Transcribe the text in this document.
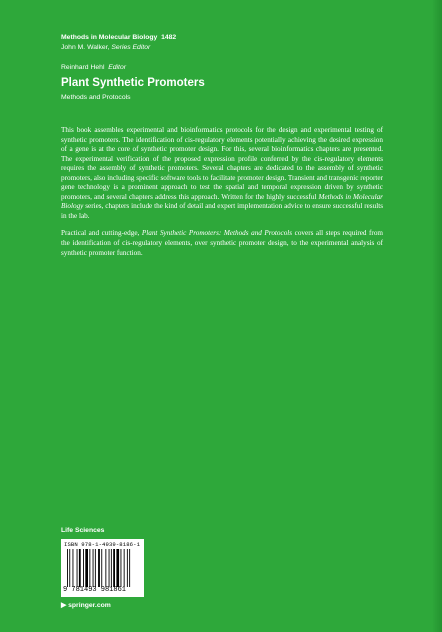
Methods in Molecular Biology 1482
John M. Walker, Series Editor
Reinhard Hehl Editor
Plant Synthetic Promoters
Methods and Protocols

This book assembles experimental and bioinformatics protocols for the design and experimental testing of synthetic promoters. The identification of cis-regulatory elements potentially achieving the desired expression of a gene is at the core of synthetic promoter design. For this, several bioinformatics chapters are presented. The experimental verification of the proposed expression profile conferred by the cis-regulatory elements requires the assembly of synthetic promoters. Several chapters are dedicated to the assembly of synthetic promoters, also including specific software tools to facilitate promoter design. Transient and transgenic reporter gene technology is a prominent approach to test the spatial and temporal expression driven by synthetic promoters, and several chapters address this approach. Written for the highly successful Methods in Molecular Biology series, chapters include the kind of detail and expert implementation advice to ensure successful results in the lab.

Practical and cutting-edge, Plant Synthetic Promoters: Methods and Protocols covers all steps required from the identification of cis-regulatory elements, over synthetic promoter design, to the experimental analysis of synthetic promoter function.

Life Sciences
ISBN 978-1-4939-8186-1
9 781493 981861
▶ springer.com
